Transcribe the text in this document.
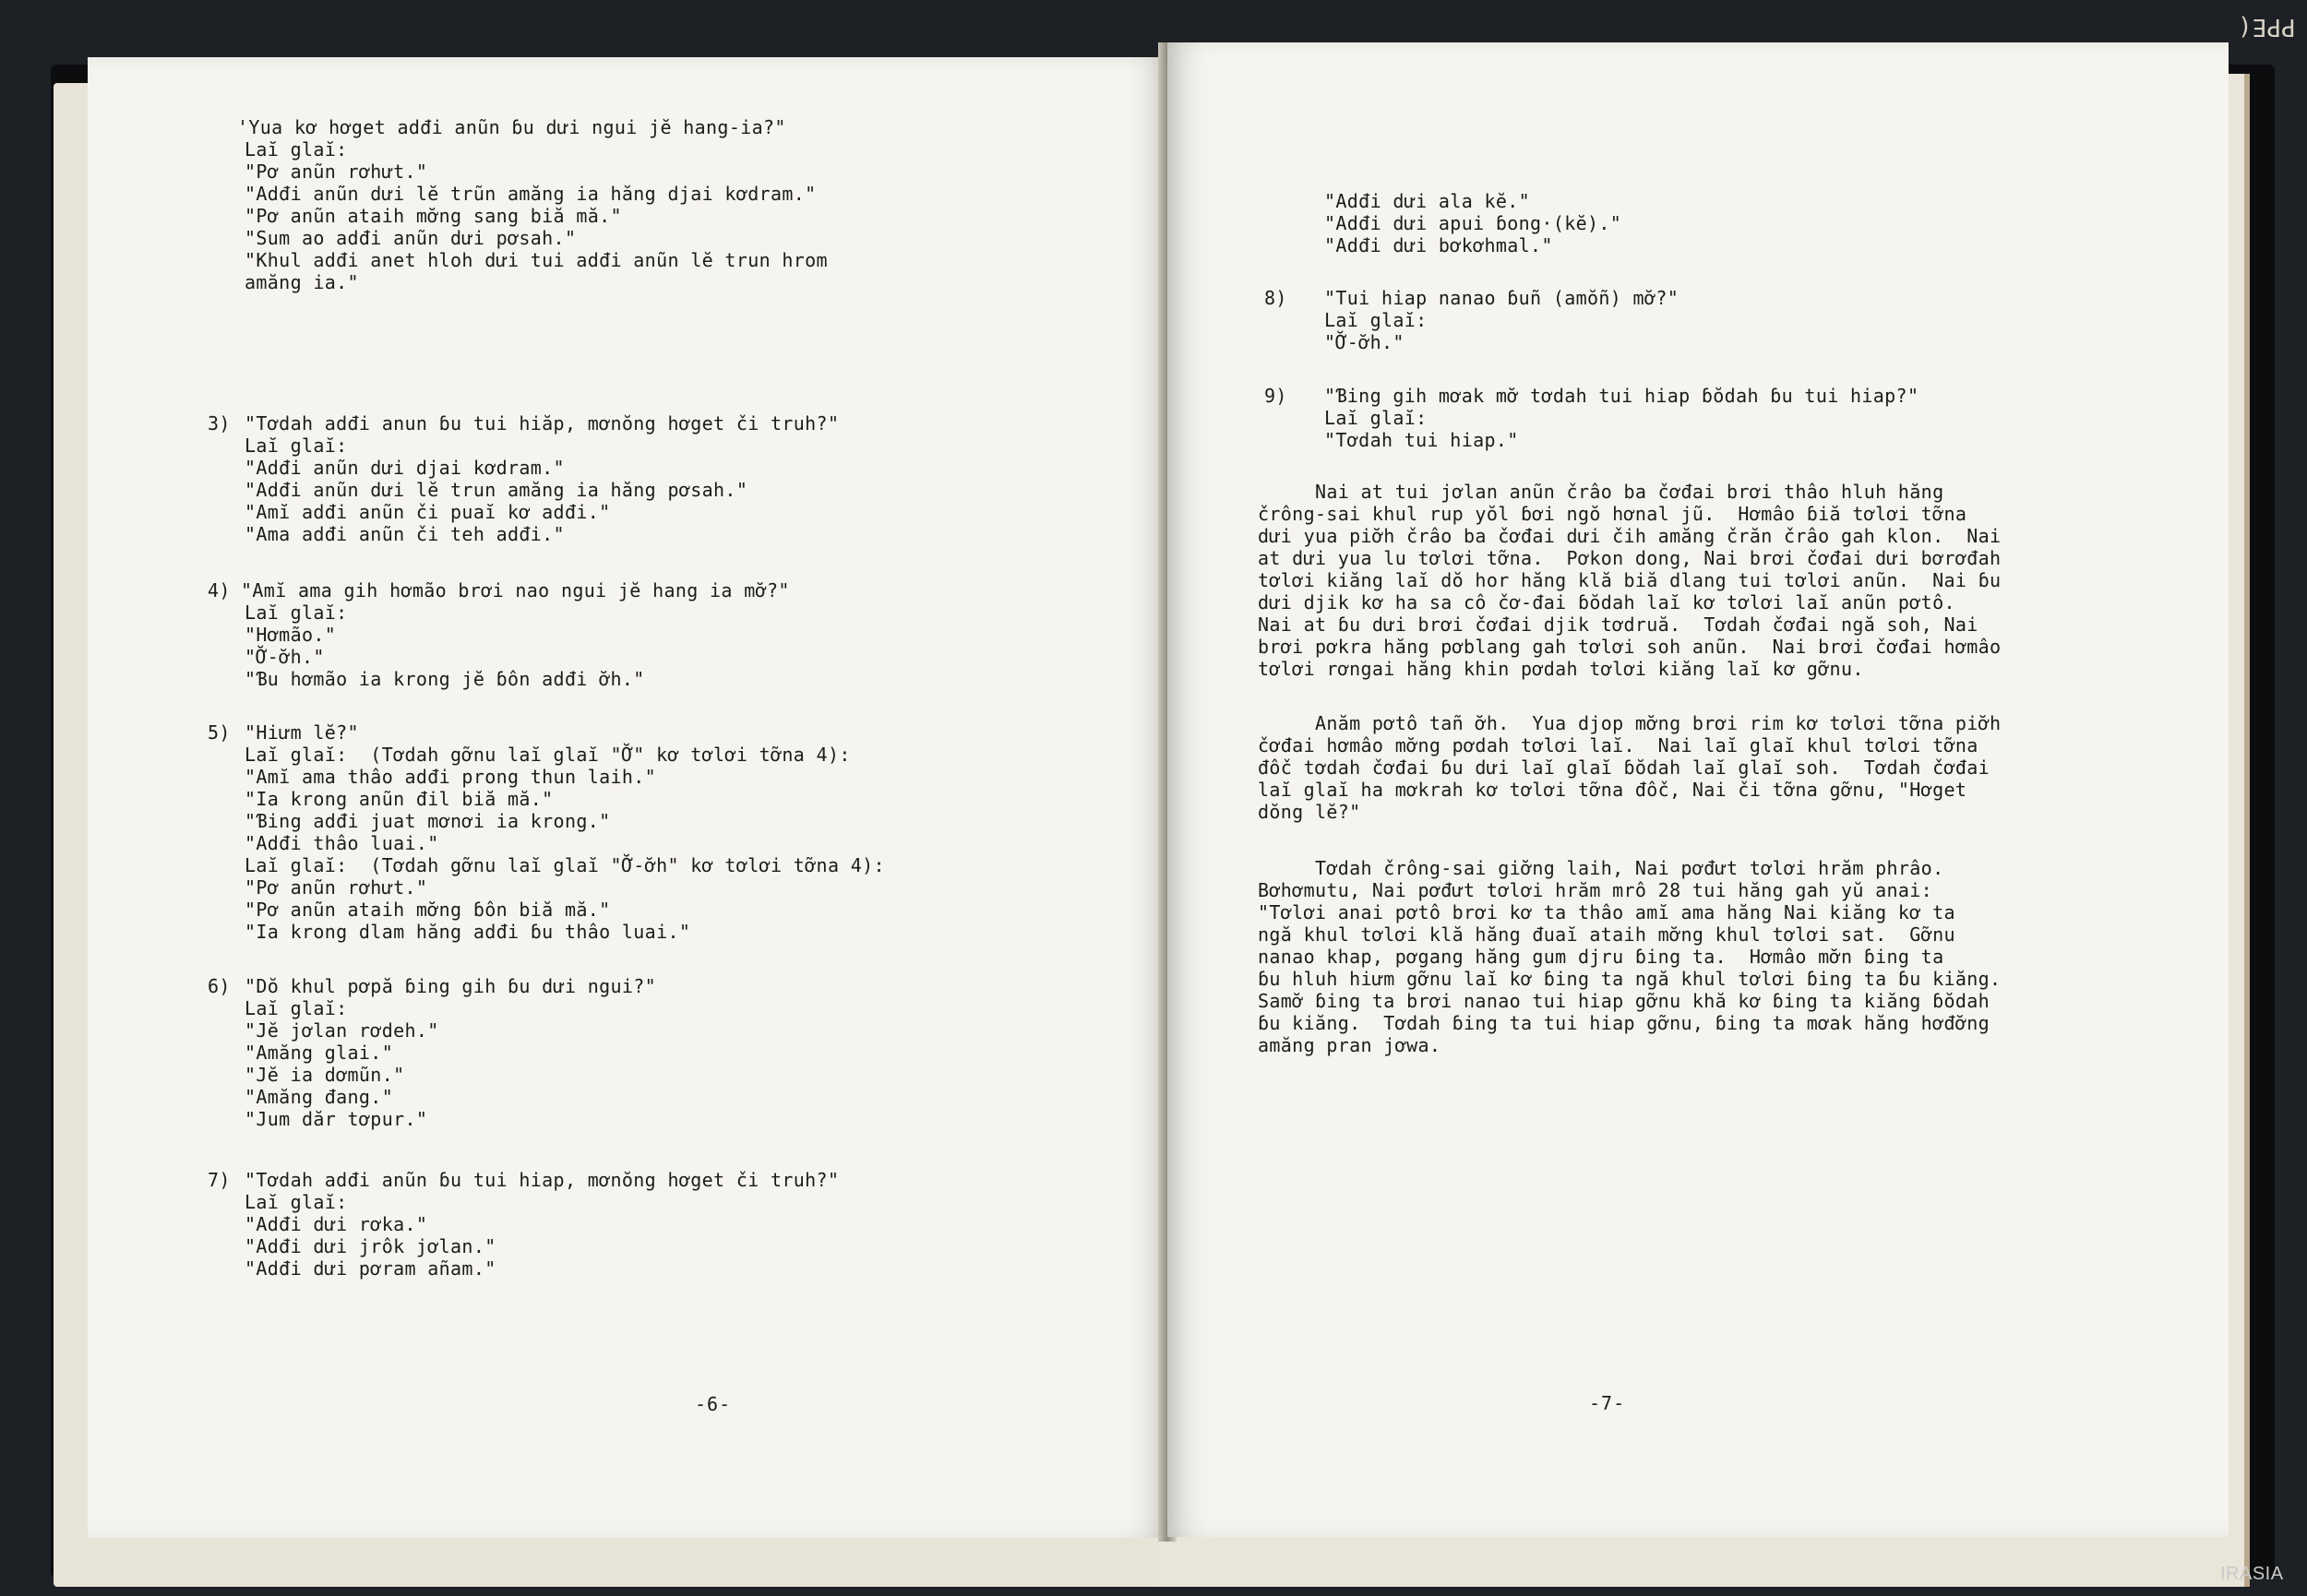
PPE(

'Yua kơ hơget adđi anũn ɓu dưi ngui jĕ hang-ia?"

Laĭ glaĭ:

"Pơ anũn rơhưt."

"Adđi anũn dưi lĕ trũn amăng ia hăng djai kơdram."

"Pơ anũn ataih mơ̆ng sang biă mă."

"Sum ao adđi anũn dưi pơsah."

"Khul adđi anet hloh dưi tui adđi anũn lĕ trun hrom

amăng ia."

3)

"Tơdah adđi anun ɓu tui hiăp, mơnŏng hơget či truh?"

Laĭ glaĭ:

"Adđi anũn dưi djai kơdram."

"Adđi anũn dưi lĕ trun amăng ia hăng pơsah."

"Amĭ adđi anũn či puaĭ kơ adđi."

"Ama adđi anũn či teh adđi."

4)

"Amĭ ama gih hơmão brơi nao ngui jĕ hang ia mơ̆?"

Laĭ glaĭ:

"Hơmão."

"Ơ̆-ơ̆h."

"Ɓu hơmão ia krong jĕ ɓôn adđi ơ̆h."

5)

"Hiưm lĕ?"

Laĭ glaĭ:  (Tơdah gỡnu laĭ glaĭ "Ơ̆" kơ tơlơi tỡna 4):

"Amĭ ama thâo adđi prong thun laih."

"Ia krong anũn đil biă mă."

"Ɓing adđi juat mơnơi ia krong."

"Adđi thâo luai."

Laĭ glaĭ:  (Tơdah gỡnu laĭ glaĭ "Ơ̆-ơ̆h" kơ tơlơi tỡna 4):

"Pơ anũn rơhưt."

"Pơ anũn ataih mơ̆ng ɓôn biă mă."

"Ia krong dlam hăng adđi ɓu thâo luai."

6)

"Dŏ khul pơpă ɓing gih ɓu dưi ngui?"

Laĭ glaĭ:

"Jĕ jơlan rơdeh."

"Amăng glai."

"Jĕ ia dơmũn."

"Amăng đang."

"Jum dăr tơpur."

7)

"Tơdah adđi anũn ɓu tui hiap, mơnŏng hơget či truh?"

Laĭ glaĭ:

"Adđi dưi rơka."

"Adđi dưi jrôk jơlan."

"Adđi dưi pơram añam."

-6-

"Adđi dưi ala kĕ."

"Adđi dưi apui ɓong·(kĕ)."

"Adđi dưi bơkơhmal."

8)

"Tui hiap nanao ɓuñ (amŏñ) mơ̆?"

Laĭ glaĭ:

"Ơ̆-ơ̆h."

9)

"Ɓing gih mơak mơ̆ tơdah tui hiap ɓŏdah ɓu tui hiap?"

Laĭ glaĭ:

"Tơdah tui hiap."

Nai at tui jơlan anũn črâo ba čơđai brơi thâo hluh hăng

črông-sai khul rup yŏl ɓơi ngŏ hơnal jũ.  Hơmâo ɓiă tơlơi tỡna

dưi yua piơ̆h črâo ba čơđai dưi čih amăng črăn črâo gah klon.  Nai

at dưi yua lu tơlơi tỡna.  Pơkon dong, Nai brơi čơđai dưi bơrơđah

tơlơi kiăng laĭ dŏ hor hăng klă biă dlang tui tơlơi anũn.  Nai ɓu

dưi djik kơ ha sa cô čơ-đai ɓŏdah laĭ kơ tơlơi laĭ anũn pơtô.

Nai at ɓu dưi brơi čơđai djik tơdruă.  Tơdah čơđai ngă soh, Nai

brơi pơkra hăng pơblang gah tơlơi soh anũn.  Nai brơi čơđai hơmâo

tơlơi rơngai hăng khin pơdah tơlơi kiăng laĭ kơ gỡnu.

Anăm pơtô tañ ơ̆h.  Yua djop mơ̆ng brơi rim kơ tơlơi tỡna piơ̆h

čơđai hơmâo mơ̆ng pơdah tơlơi laĭ.  Nai laĭ glaĭ khul tơlơi tỡna

đôč tơdah čơđai ɓu dưi laĭ glaĭ ɓŏdah laĭ glaĭ soh.  Tơdah čơđai

laĭ glaĭ ha mơkrah kơ tơlơi tỡna đôč, Nai či tỡna gỡnu, "Hơget

dŏng lĕ?"

Tơdah črông-sai giơ̆ng laih, Nai pơđưt tơlơi hrăm phrâo.

Bơhơmutu, Nai pơđưt tơlơi hrăm mrô 28 tui hăng gah yŭ anai:

"Tơlơi anai pơtô brơi kơ ta thâo amĭ ama hăng Nai kiăng kơ ta

ngă khul tơlơi klă hăng đuaĭ ataih mơ̆ng khul tơlơi sat.  Gỡnu

nanao khap, pơgang hăng gum djru ɓing ta.  Hơmâo mơ̆n ɓing ta

ɓu hluh hiưm gỡnu laĭ kơ ɓing ta ngă khul tơlơi ɓing ta ɓu kiăng.

Samơ̆ ɓing ta brơi nanao tui hiap gỡnu khă kơ ɓing ta kiăng ɓŏdah

ɓu kiăng.  Tơdah ɓing ta tui hiap gỡnu, ɓing ta mơak hăng hơđơ̆ng

amăng pran jơwa.

-7-
IRASIA
